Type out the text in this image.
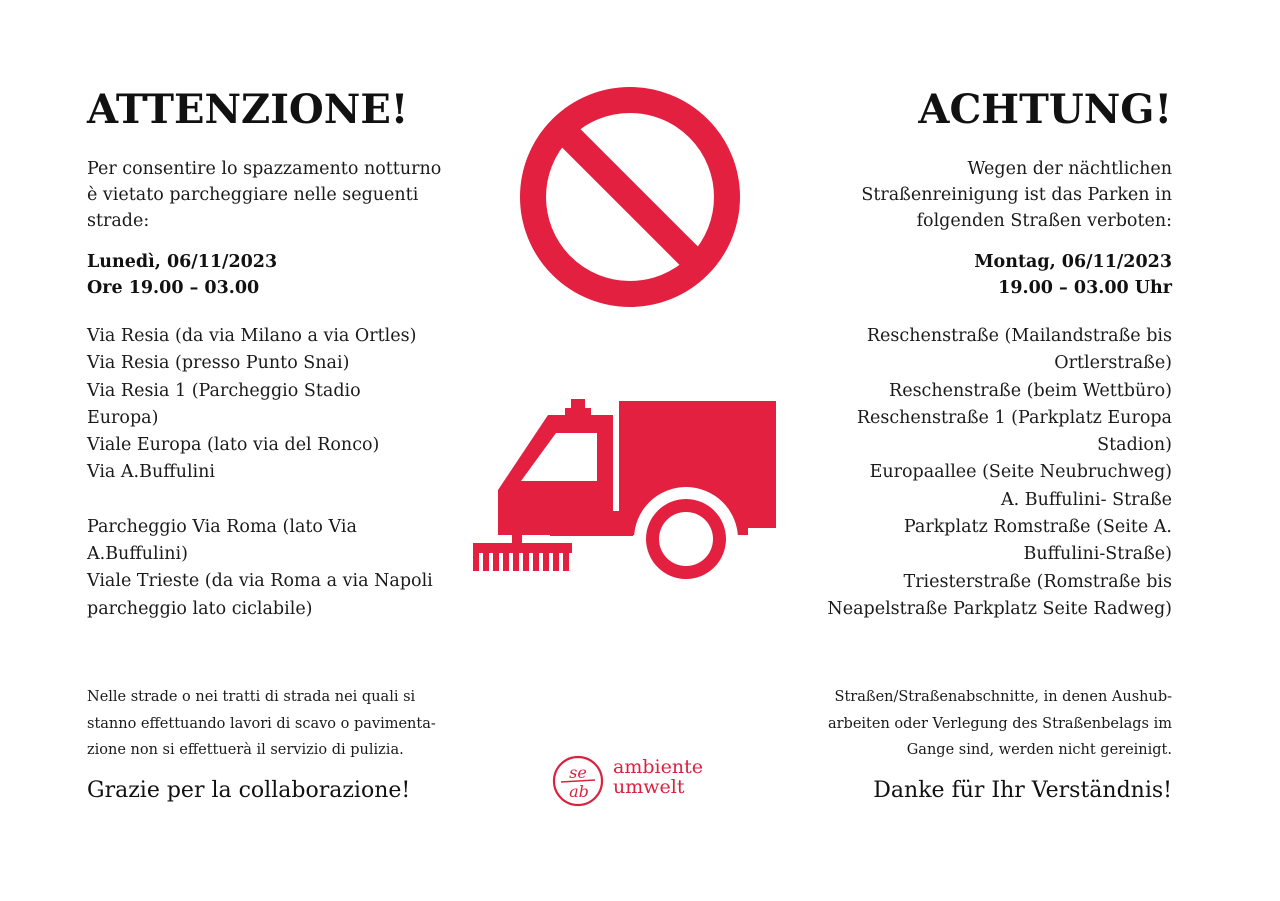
ATTENZIONE!
Per consentire lo spazzamento notturno è vietato parcheggiare nelle seguenti strade:
Lunedì, 06/11/2023
Ore 19.00 – 03.00
Via Resia (da via Milano a via Ortles)
Via Resia (presso Punto Snai)
Via Resia 1 (Parcheggio Stadio Europa)
Viale Europa (lato via del Ronco)
Via A.Buffulini
Parcheggio Via Roma (lato Via A.Buffulini)
Viale Trieste (da via Roma a via Napoli parcheggio lato ciclabile)
Nelle strade o nei tratti di strada nei quali si stanno effettuando lavori di scavo o pavimenta-zione non si effettuerà il servizio di pulizia.
Grazie per la collaborazione!
ACHTUNG!
Wegen der nächtlichen Straßenreinigung ist das Parken in folgenden Straßen verboten:
Montag, 06/11/2023
19.00 – 03.00 Uhr
Reschenstraße (Mailandstraße bis Ortlerstraße)
Reschenstraße (beim Wettbüro)
Reschenstraße 1 (Parkplatz Europa Stadion)
Europaallee (Seite Neubruchweg)
A. Buffulini- Straße
Parkplatz Romstraße (Seite A. Buffulini-Straße)
Triesterstraße (Romstraße bis Neapelstraße Parkplatz Seite Radweg)
Straßen/Straßenabschnitte, in denen Aushub-arbeiten oder Verlegung des Straßenbelags im Gange sind, werden nicht gereinigt.
Danke für Ihr Verständnis!
se
ab
ambiente
umwelt
